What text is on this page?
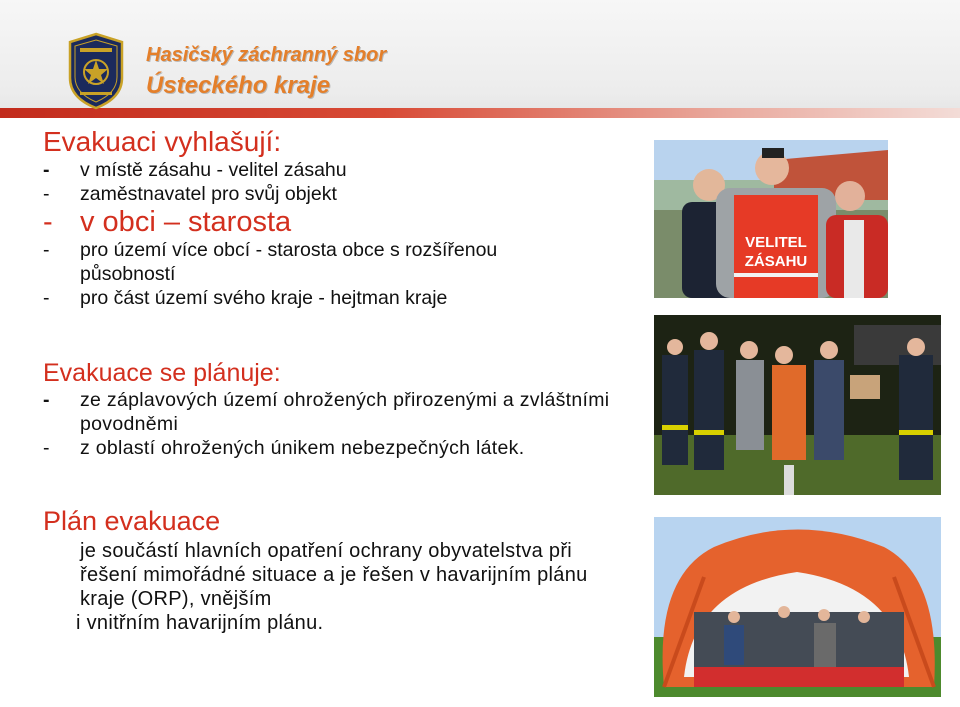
Hasičský záchranný sbor
Ústeckého kraje
Evakuaci vyhlašují:
-	v místě zásahu - velitel zásahu
-	zaměstnavatel pro svůj objekt
- v obci – starosta
-	pro území více obcí - starosta obce s rozšířenou působností
-	pro část území svého kraje - hejtman kraje
Evakuace se plánuje:
-	ze záplavových území ohrožených přirozenými a zvláštními povodněmi
-	z oblastí ohrožených únikem nebezpečných látek.
Plán evakuace
je součástí hlavních opatření ochrany obyvatelstva při řešení mimořádné situace a je řešen v havarijním plánu kraje (ORP), vnějším
i vnitřním havarijním plánu.
VELITEL
ZÁSAHU
